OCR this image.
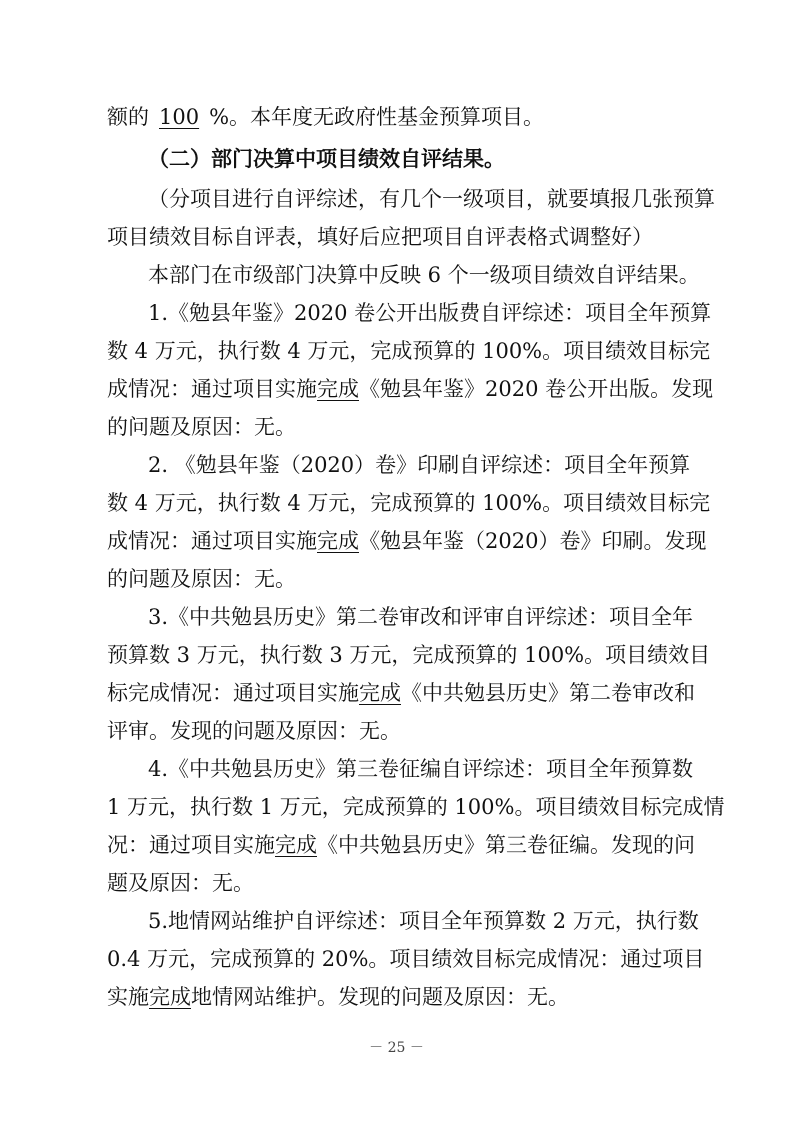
额的 100 %。本年度无政府性基金预算项目。
（二）部门决算中项目绩效自评结果。
（分项目进行自评综述，有几个一级项目，就要填报几张预算
项目绩效目标自评表，填好后应把项目自评表格式调整好）
本部门在市级部门决算中反映 6 个一级项目绩效自评结果。
1.《勉县年鉴》2020 卷公开出版费自评综述：项目全年预算
数 4 万元，执行数 4 万元，完成预算的 100%。项目绩效目标完
成情况：通过项目实施完成《勉县年鉴》2020 卷公开出版。发现
的问题及原因：无。
2. 《勉县年鉴（2020）卷》印刷自评综述：项目全年预算
数 4 万元，执行数 4 万元，完成预算的 100%。项目绩效目标完
成情况：通过项目实施完成《勉县年鉴（2020）卷》印刷。发现
的问题及原因：无。
3.《中共勉县历史》第二卷审改和评审自评综述：项目全年
预算数 3 万元，执行数 3 万元，完成预算的 100%。项目绩效目
标完成情况：通过项目实施完成《中共勉县历史》第二卷审改和
评审。发现的问题及原因：无。
4.《中共勉县历史》第三卷征编自评综述：项目全年预算数
1 万元，执行数 1 万元，完成预算的 100%。项目绩效目标完成情
况：通过项目实施完成《中共勉县历史》第三卷征编。发现的问
题及原因：无。
5.地情网站维护自评综述：项目全年预算数 2 万元，执行数
0.4 万元，完成预算的 20%。项目绩效目标完成情况：通过项目
实施完成地情网站维护。发现的问题及原因：无。
－ 25 －
